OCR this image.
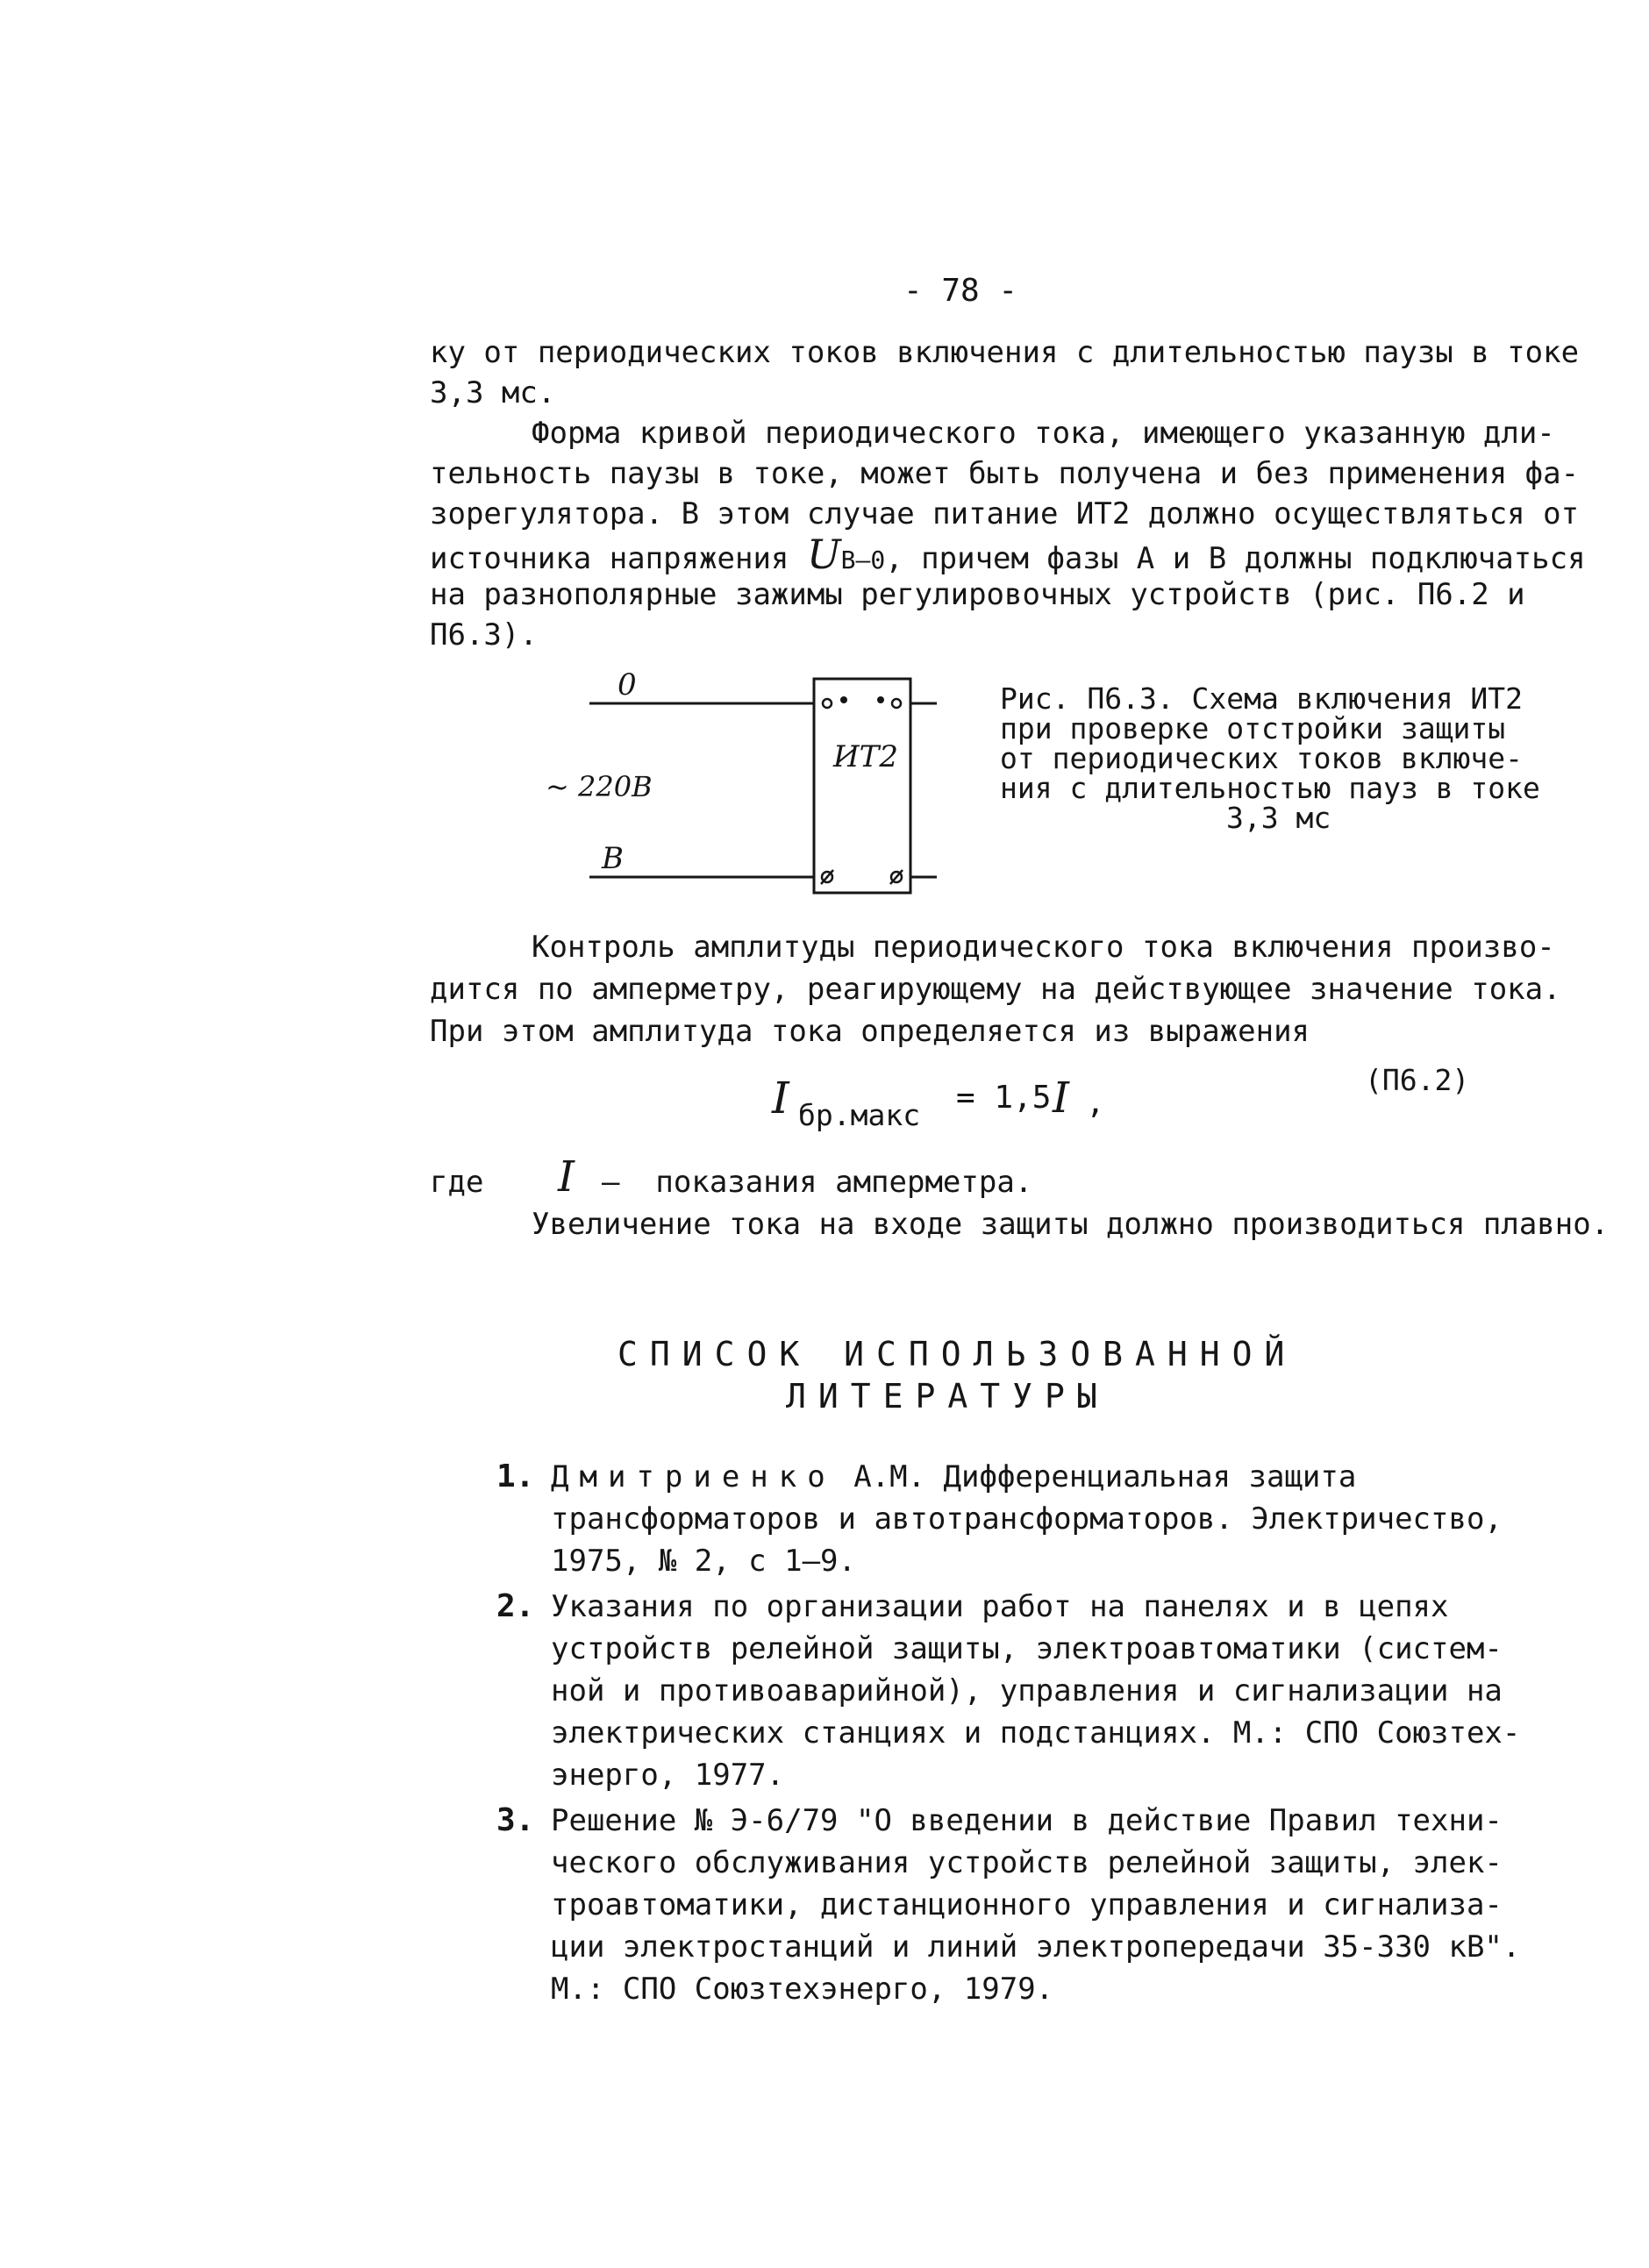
- 78 -
ку от периодических токов включения с длительностью паузы в токе
3,3 мс.
Форма кривой периодического тока, имеющего указанную дли-
тельность паузы в токе, может быть получена и без применения фа-
зорегулятора. В этом случае питание ИТ2 должно осуществляться от
источника напряжения UВ–0, причем фазы А и В должны подключаться
на разнополярные зажимы регулировочных устройств (рис. П6.2 и
П6.3).
0
~ 220В
В
ИТ2
Рис. П6.3. Схема включения ИТ2
при проверке отстройки защиты
от периодических токов включе-
ния с длительностью пауз в токе
3,3 мс
Контроль амплитуды периодического тока включения произво-
дится по амперметру, реагирующему на действующее значение тока.
При этом амплитуда тока определяется из выражения
I бр.макс = 1,5 I ,
(П6.2)
где I –  показания амперметра.
Увеличение тока на входе защиты должно производиться плавно.
СПИСОК ИСПОЛЬЗОВАННОЙ
ЛИТЕРАТУРЫ
1. Дмитриенко А.М. Дифференциальная защита
трансформаторов и автотрансформаторов. Электричество,
1975, № 2, с 1–9.
2. Указания по организации работ на панелях и в цепях
устройств релейной защиты, электроавтоматики (систем-
ной и противоаварийной), управления и сигнализации на
электрических станциях и подстанциях. М.: СПО Союзтех-
энерго, 1977.
3. Решение № Э-6/79 "О введении в действие Правил техни-
ческого обслуживания устройств релейной защиты, элек-
троавтоматики, дистанционного управления и сигнализа-
ции электростанций и линий электропередачи 35-330 кВ".
М.: СПО Союзтехэнерго, 1979.
